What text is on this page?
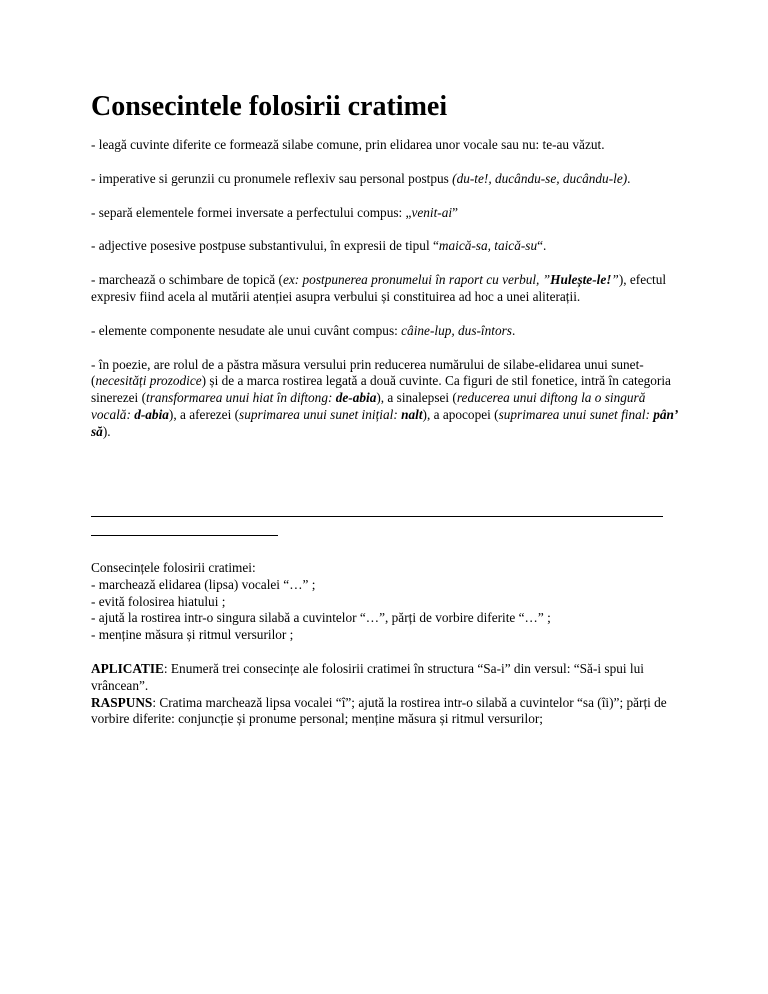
Consecintele folosirii cratimei

- leagă cuvinte diferite ce formează silabe comune, prin elidarea unor vocale sau nu: te-au văzut.

- imperative si gerunzii cu pronumele reflexiv sau personal postpus (du-te!, ducându-se, ducându-le).

- separă elementele formei inversate a perfectului compus: „venit-ai”

- adjective posesive postpuse substantivului, în expresii de tipul “maică-sa, taică-su“.

- marchează o schimbare de topică (ex: postpunerea pronumelui în raport cu verbul, ”Hulește-le!”), efectul expresiv fiind acela al mutării atenției asupra verbului și constituirea ad hoc a unei aliterații.

- elemente componente nesudate ale unui cuvânt compus: câine-lup, dus-întors.

- în poezie, are rolul de a păstra măsura versului prin reducerea numărului de silabe-elidarea unui sunet- (necesități prozodice) și de a marca rostirea legată a două cuvinte. Ca figuri de stil fonetice, intră în categoria sinerezei (transformarea unui hiat în diftong: de-abia), a sinalepsei (reducerea unui diftong la o singură vocală: d-abia), a aferezei (suprimarea unui sunet inițial: nalt), a apocopei (suprimarea unui sunet final: pân’ să).

Consecințele folosirii cratimei:
- marchează elidarea (lipsa) vocalei “…” ;
- evită folosirea hiatului ;
- ajută la rostirea intr-o singura silabă a cuvintelor “…”, părți de vorbire diferite “…” ;
- menține măsura și ritmul versurilor ;

APLICATIE: Enumeră trei consecințe ale folosirii cratimei în structura “Sa-i” din versul: “Să-i spui lui vrâncean”.

RASPUNS: Cratima marchează lipsa vocalei “î”; ajută la rostirea intr-o silabă a cuvintelor “sa (îi)”; părți de vorbire diferite: conjuncție și pronume personal; menține măsura și ritmul versurilor;
